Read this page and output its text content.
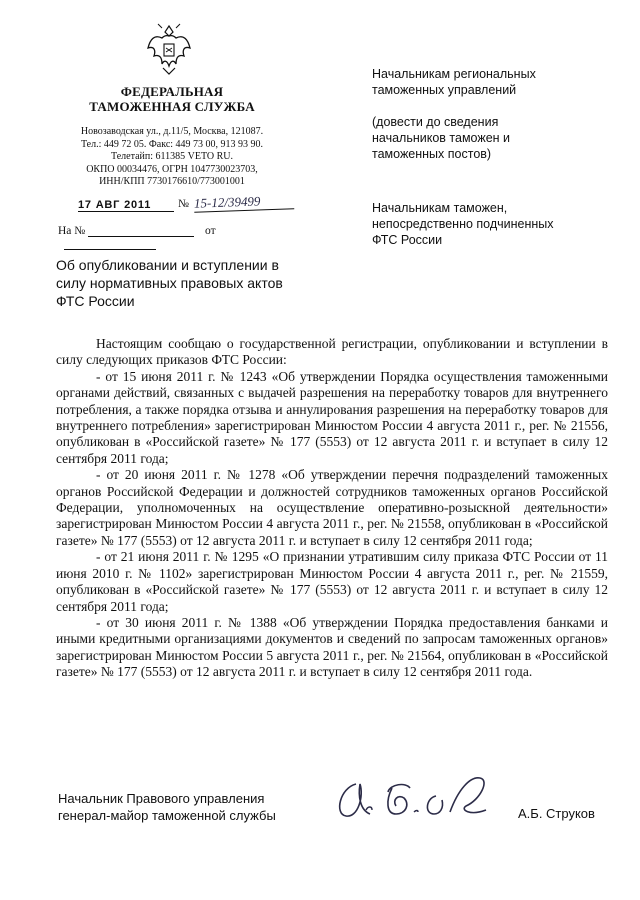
ФЕДЕРАЛЬНАЯ
ТАМОЖЕННАЯ СЛУЖБА
Новозаводская ул., д.11/5, Москва, 121087.
Тел.: 449 72 05. Факс: 449 73 00, 913 93 90.
Телетайп: 611385 VETO RU.
ОКПО 00034476, ОГРН 1047730023703,
ИНН/КПП 7730176610/773001001
17 АВГ 2011	№ 15-12/39499
На №	от
Об опубликовании и вступлении в силу нормативных правовых актов ФТС России
Начальникам региональных
таможенных управлений
(довести до сведения
начальников таможен и
таможенных постов)
Начальникам таможен,
непосредственно подчиненных
ФТС России

Настоящим сообщаю о государственной регистрации, опубликовании и вступлении в силу следующих приказов ФТС России:

- от 15 июня 2011 г. № 1243 «Об утверждении Порядка осуществления таможенными органами действий, связанных с выдачей разрешения на переработку товаров для внутреннего потребления, а также порядка отзыва и аннулирования разрешения на переработку товаров для внутреннего потребления» зарегистрирован Минюстом России 4 августа 2011 г., рег. № 21556, опубликован в «Российской газете» № 177 (5553) от 12 августа 2011 г. и вступает в силу 12 сентября 2011 года;

- от 20 июня 2011 г. № 1278 «Об утверждении перечня подразделений таможенных органов Российской Федерации и должностей сотрудников таможенных органов Российской Федерации, уполномоченных на осуществление оперативно-розыскной деятельности» зарегистрирован Минюстом России 4 августа 2011 г., рег. № 21558, опубликован в «Российской газете» № 177 (5553) от 12 августа 2011 г. и вступает в силу 12 сентября 2011 года;

- от 21 июня 2011 г. № 1295 «О признании утратившим силу приказа ФТС России от 11 июня 2010 г. № 1102» зарегистрирован Минюстом России 4 августа 2011 г., рег. № 21559, опубликован в «Российской газете» № 177 (5553) от 12 августа 2011 г. и вступает в силу 12 сентября 2011 года;

- от 30 июня 2011 г. № 1388 «Об утверждении Порядка предоставления банками и иными кредитными организациями документов и сведений по запросам таможенных органов» зарегистрирован Минюстом России 5 августа 2011 г., рег. № 21564, опубликован в «Российской газете» № 177 (5553) от 12 августа 2011 г. и вступает в силу 12 сентября 2011 года.

Начальник Правового управления
генерал-майор таможенной службы	А.Б. Струков
